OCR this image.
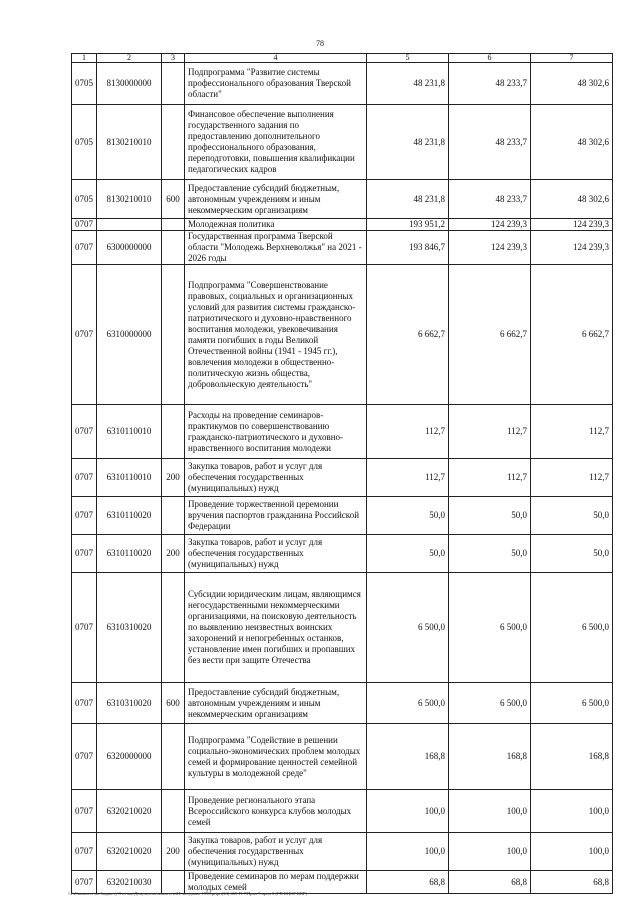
78
1	2	3	4	5	6	7
0705	8130000000		Подпрограмма "Развитие системы профессионального образования Тверской области"	48 231,8	48 233,7	48 302,6
0705	8130210010		Финансовое обеспечение выполнения государственного задания по предоставлению дополнительного профессионального образования, переподготовки, повышения квалификации педагогических кадров	48 231,8	48 233,7	48 302,6
0705	8130210010	600	Предоставление субсидий бюджетным, автономным учреждениям и иным некоммерческим организациям	48 231,8	48 233,7	48 302,6
0707			Молодежная политика	193 951,2	124 239,3	124 239,3
0707	6300000000		Государственная программа Тверской области "Молодежь Верхневолжья" на 2021 - 2026 годы	193 846,7	124 239,3	124 239,3
0707	6310000000		Подпрограмма "Совершенствование правовых, социальных и организационных условий для развития системы гражданско-патриотического и духовно-нравственного воспитания молодежи, увековечивания памяти погибших в годы Великой Отечественной войны (1941 - 1945 гг.), вовлечения молодежи в общественно-политическую жизнь общества, добровольческую деятельность"	6 662,7	6 662,7	6 662,7
0707	6310110010		Расходы на проведение семинаров-практикумов по совершенствованию гражданско-патриотического и духовно-нравственного воспитания молодежи	112,7	112,7	112,7
0707	6310110010	200	Закупка товаров, работ и услуг для обеспечения государственных (муниципальных) нужд	112,7	112,7	112,7
0707	6310110020		Проведение торжественной церемонии вручения паспортов гражданина Российской Федерации	50,0	50,0	50,0
0707	6310110020	200	Закупка товаров, работ и услуг для обеспечения государственных (муниципальных) нужд	50,0	50,0	50,0
0707	6310310020		Субсидии юридическим лицам, являющимся негосударственными некоммерческими организациями, на поисковую деятельность по выявлению неизвестных воинских захоронений и непогребенных останков, установление имен погибших и пропавших без вести при защите Отечества	6 500,0	6 500,0	6 500,0
0707	6310310020	600	Предоставление субсидий бюджетным, автономным учреждениям и иным некоммерческим организациям	6 500,0	6 500,0	6 500,0
0707	6320000000		Подпрограмма "Содействие в решении социально-экономических проблем молодых семей и формирование ценностей семейной культуры в молодежной среде"	168,8	168,8	168,8
0707	6320210020		Проведение регионального этапа Всероссийского конкурса клубов молодых семей	100,0	100,0	100,0
0707	6320210020	200	Закупка товаров, работ и услуг для обеспечения государственных (муниципальных) нужд	100,0	100,0	100,0
0707	6320210030		Проведение семинаров по мерам поддержки молодых семей	68,8	68,8	68,8
\\Fs1\комитет по бюджету\3 отзыв\Документы комитета\24 заседание 1990\prtprt(24) 469-П-7\Прил 5 прил 8 (ГП КЦСР КВР)
